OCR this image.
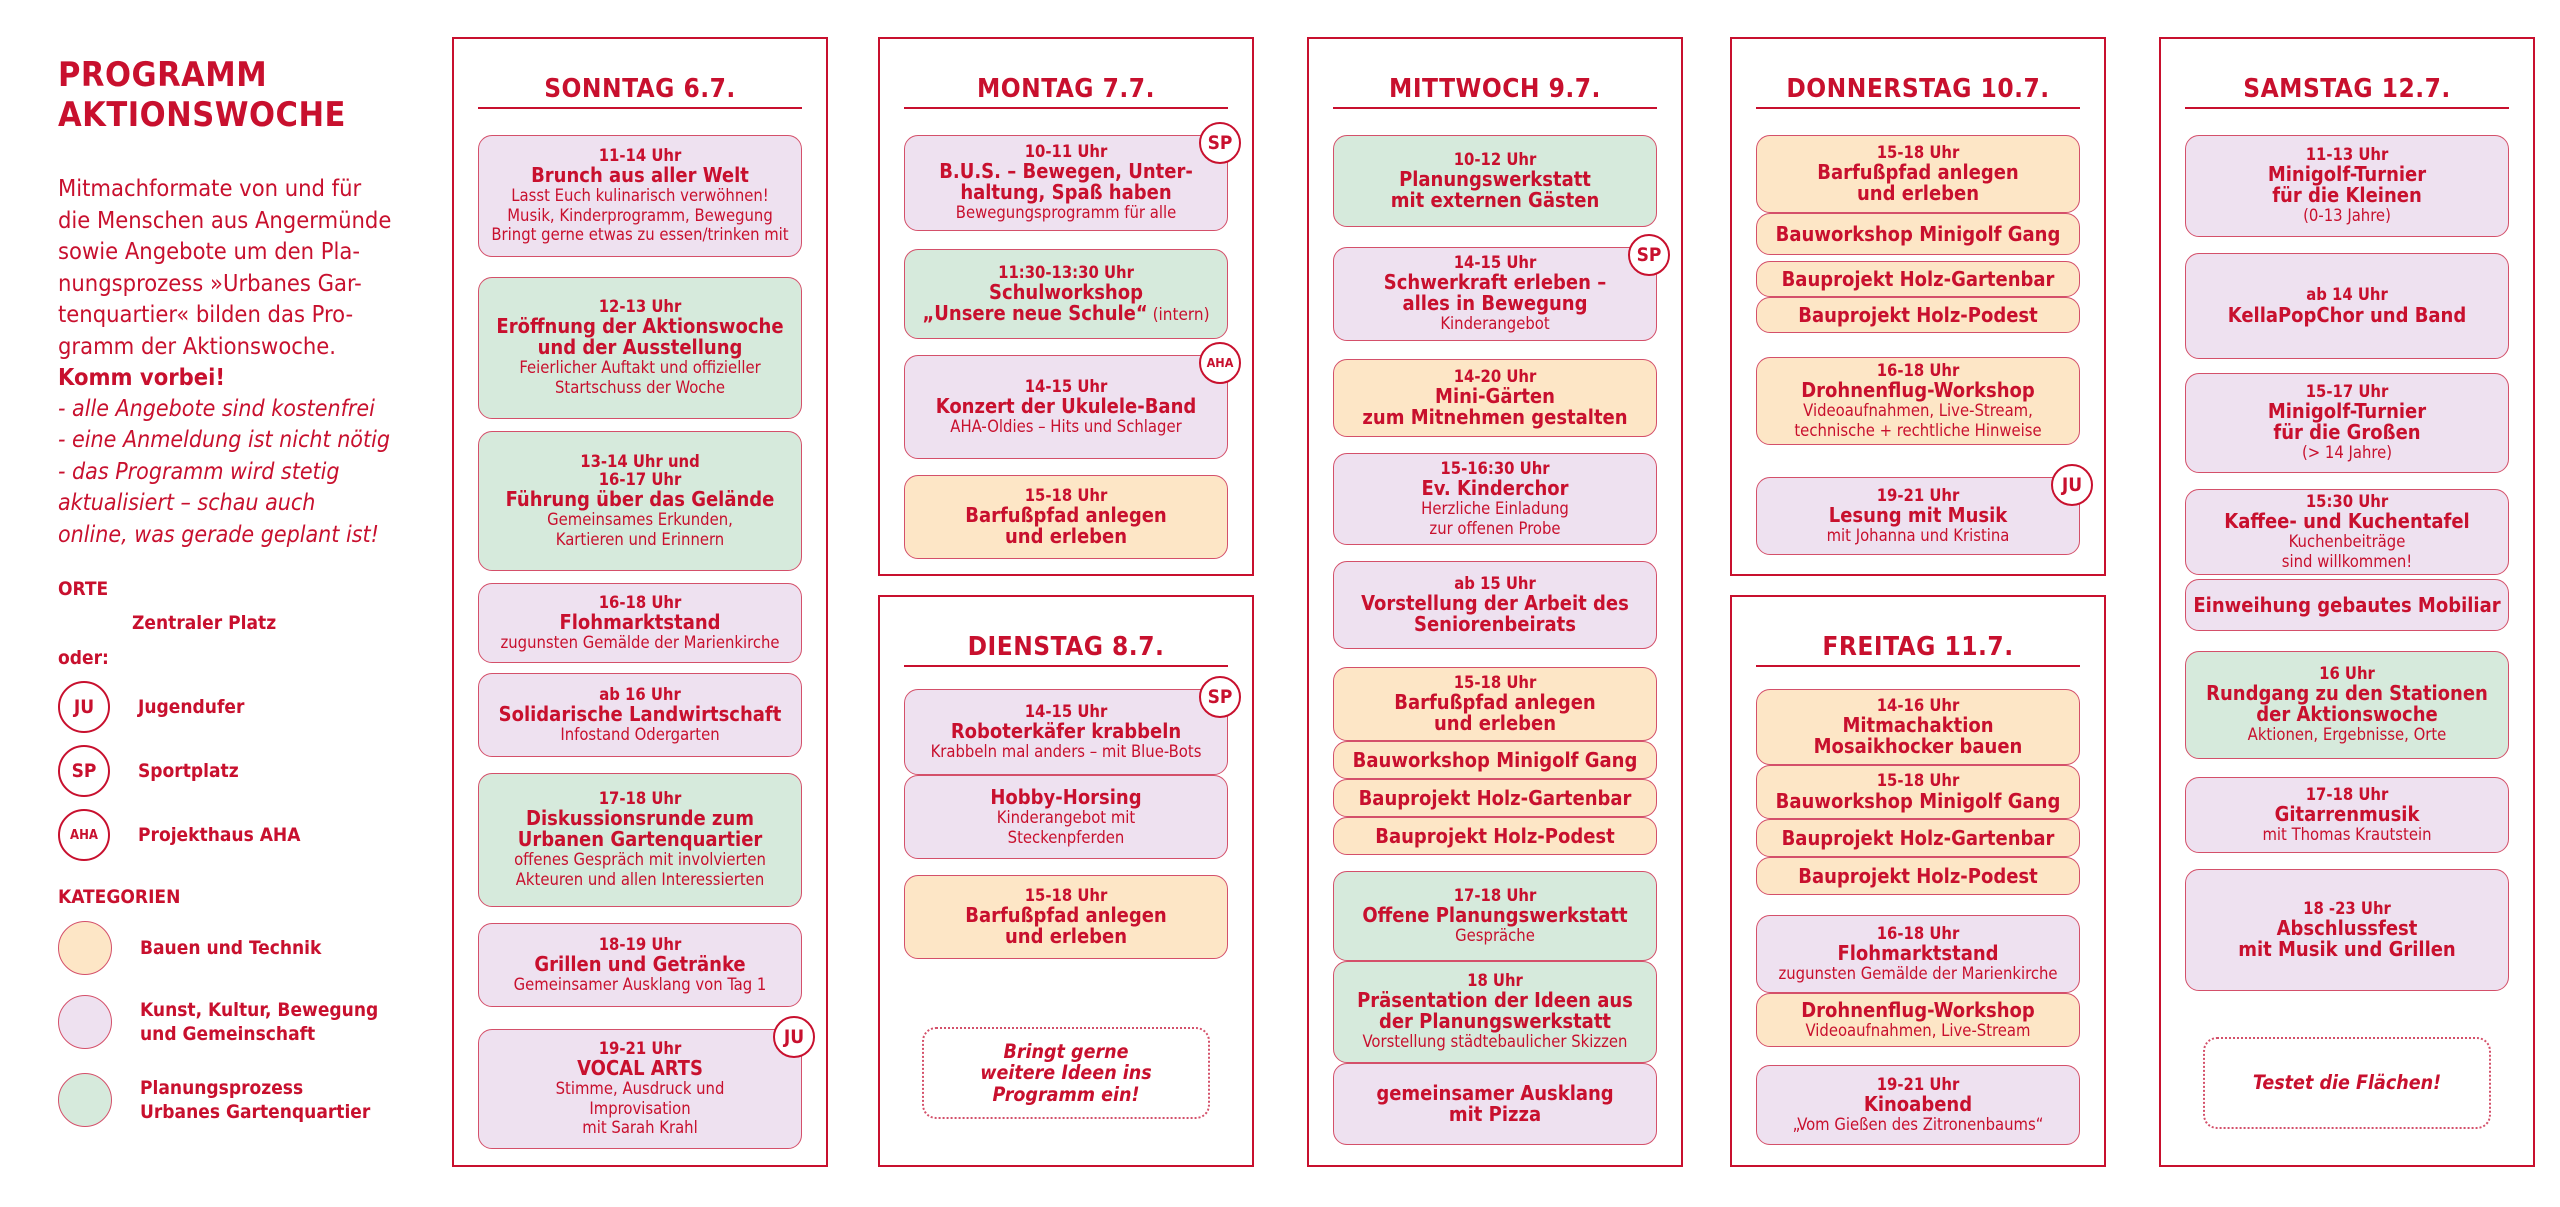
PROGRAMM
AKTIONSWOCHE
Mitmachformate von und für
die Menschen aus Angermünde
sowie Angebote um den Pla-
nungsprozess »Urbanes Gar-
tenquartier« bilden das Pro-
gramm der Aktionswoche.
Komm vorbei!
- alle Angebote sind kostenfrei
- eine Anmeldung ist nicht nötig
- das Programm wird stetig
aktualisiert – schau auch
online, was gerade geplant ist!
ORTE
Zentraler Platz
oder:
JU	Jugendufer
SP	Sportplatz
AHA	Projekthaus AHA
KATEGORIEN
Bauen und Technik
Kunst, Kultur, Bewegung
und Gemeinschaft
Planungsprozess
Urbanes Gartenquartier
SONNTAG 6.7.
11-14 Uhr
Brunch aus aller Welt
Lasst Euch kulinarisch verwöhnen!
Musik, Kinderprogramm, Bewegung
Bringt gerne etwas zu essen/trinken mit
12-13 Uhr
Eröffnung der Aktionswoche
und der Ausstellung
Feierlicher Auftakt und offizieller
Startschuss der Woche
13-14 Uhr und
16-17 Uhr
Führung über das Gelände
Gemeinsames Erkunden,
Kartieren und Erinnern
16-18 Uhr
Flohmarktstand
zugunsten Gemälde der Marienkirche
ab 16 Uhr
Solidarische Landwirtschaft
Infostand Odergarten
17-18 Uhr
Diskussionsrunde zum
Urbanen Gartenquartier
offenes Gespräch mit involvierten
Akteuren und allen Interessierten
18-19 Uhr
Grillen und Getränke
Gemeinsamer Ausklang von Tag 1
19-21 Uhr
VOCAL ARTS
Stimme, Ausdruck und
Improvisation
mit Sarah Krahl
JU
MONTAG 7.7.
10-11 Uhr
B.U.S. – Bewegen, Unter-
haltung, Spaß haben
Bewegungsprogramm für alle
SP
11:30-13:30 Uhr
Schulworkshop
„Unsere neue Schule“ (intern)
14-15 Uhr
Konzert der Ukulele-Band
AHA-Oldies – Hits und Schlager
AHA
15-18 Uhr
Barfußpfad anlegen
und erleben
DIENSTAG 8.7.
14-15 Uhr
Roboterkäfer krabbeln
Krabbeln mal anders – mit Blue-Bots
SP
Hobby-Horsing
Kinderangebot mit
Steckenpferden
15-18 Uhr
Barfußpfad anlegen
und erleben
Bringt gerne
weitere Ideen ins
Programm ein!
MITTWOCH 9.7.
10-12 Uhr
Planungswerkstatt
mit externen Gästen
14-15 Uhr
Schwerkraft erleben –
alles in Bewegung
Kinderangebot
SP
14-20 Uhr
Mini-Gärten
zum Mitnehmen gestalten
15-16:30 Uhr
Ev. Kinderchor
Herzliche Einladung
zur offenen Probe
ab 15 Uhr
Vorstellung der Arbeit des
Seniorenbeirats
15-18 Uhr
Barfußpfad anlegen
und erleben
Bauworkshop Minigolf Gang
Bauprojekt Holz-Gartenbar
Bauprojekt Holz-Podest
17-18 Uhr
Offene Planungswerkstatt
Gespräche
18 Uhr
Präsentation der Ideen aus
der Planungswerkstatt
Vorstellung städtebaulicher Skizzen
gemeinsamer Ausklang
mit Pizza
DONNERSTAG 10.7.
15-18 Uhr
Barfußpfad anlegen
und erleben
Bauworkshop Minigolf Gang
Bauprojekt Holz-Gartenbar
Bauprojekt Holz-Podest
16-18 Uhr
Drohnenflug-Workshop
Videoaufnahmen, Live-Stream,
technische + rechtliche Hinweise
19-21 Uhr
Lesung mit Musik
mit Johanna und Kristina
JU
FREITAG 11.7.
14-16 Uhr
Mitmachaktion
Mosaikhocker bauen
15-18 Uhr
Bauworkshop Minigolf Gang
Bauprojekt Holz-Gartenbar
Bauprojekt Holz-Podest
16-18 Uhr
Flohmarktstand
zugunsten Gemälde der Marienkirche
Drohnenflug-Workshop
Videoaufnahmen, Live-Stream
19-21 Uhr
Kinoabend
„Vom Gießen des Zitronenbaums“
SAMSTAG 12.7.
11-13 Uhr
Minigolf-Turnier
für die Kleinen
(0-13 Jahre)
ab 14 Uhr
KellaPopChor und Band
15-17 Uhr
Minigolf-Turnier
für die Großen
(> 14 Jahre)
15:30 Uhr
Kaffee- und Kuchentafel
Kuchenbeiträge
sind willkommen!
Einweihung gebautes Mobiliar
16 Uhr
Rundgang zu den Stationen
der Aktionswoche
Aktionen, Ergebnisse, Orte
17-18 Uhr
Gitarrenmusik
mit Thomas Krautstein
18 -23 Uhr
Abschlussfest
mit Musik und Grillen
Testet die Flächen!
